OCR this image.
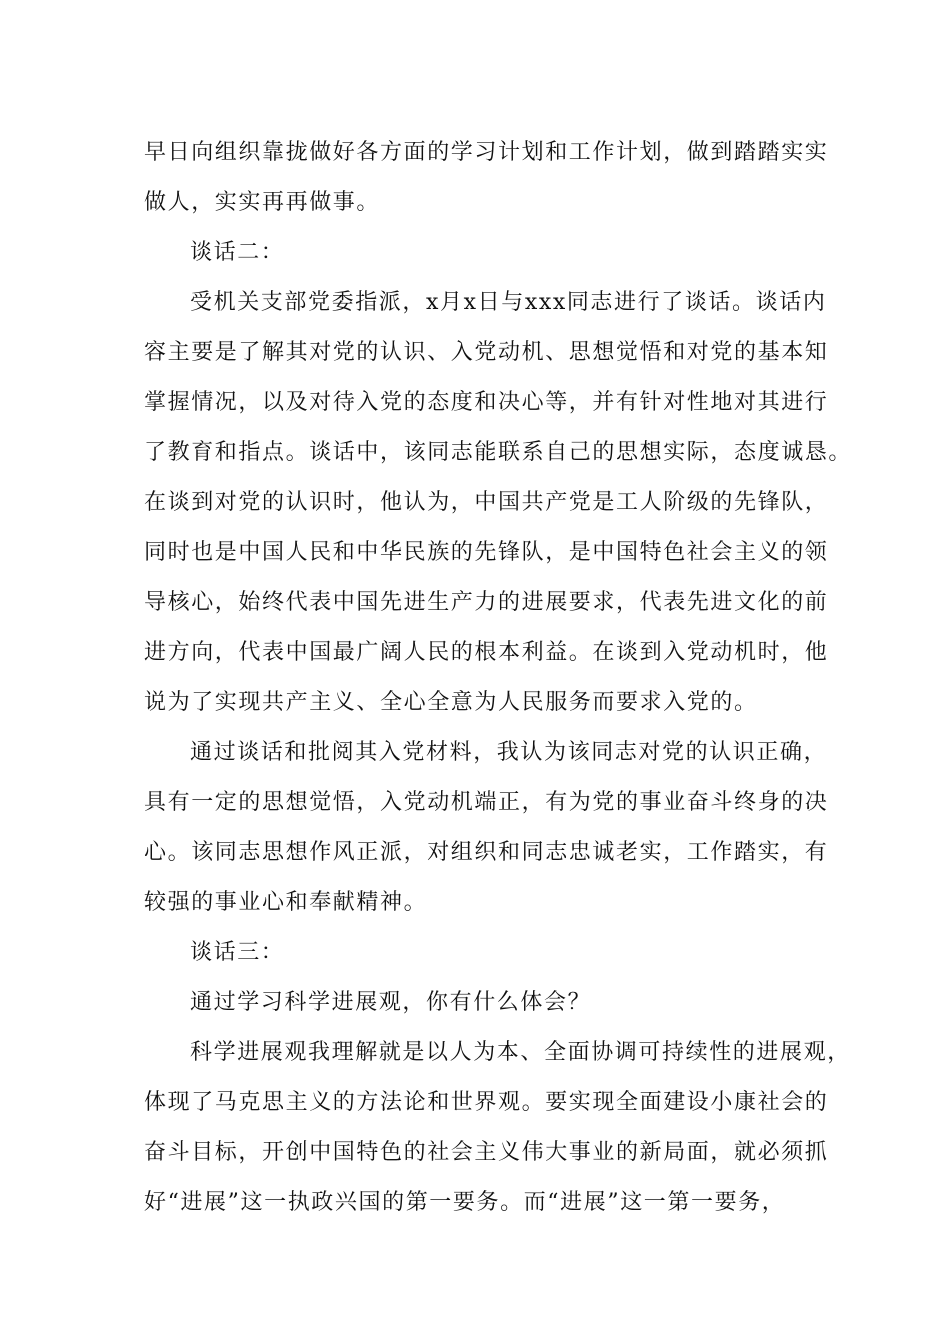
早日向组织靠拢做好各方面的学习计划和工作计划，做到踏踏实实
做人，实实再再做事。
谈话二：
受机关支部党委指派，x月x日与xxx同志进行了谈话。谈话内
容主要是了解其对党的认识、入党动机、思想觉悟和对党的基本知
掌握情况，以及对待入党的态度和决心等，并有针对性地对其进行
了教育和指点。谈话中，该同志能联系自己的思想实际，态度诚恳。
在谈到对党的认识时，他认为，中国共产党是工人阶级的先锋队，
同时也是中国人民和中华民族的先锋队，是中国特色社会主义的领
导核心，始终代表中国先进生产力的进展要求，代表先进文化的前
进方向，代表中国最广阔人民的根本利益。在谈到入党动机时，他
说为了实现共产主义、全心全意为人民服务而要求入党的。
通过谈话和批阅其入党材料，我认为该同志对党的认识正确，
具有一定的思想觉悟，入党动机端正，有为党的事业奋斗终身的决
心。该同志思想作风正派，对组织和同志忠诚老实，工作踏实，有
较强的事业心和奉献精神。
谈话三：
通过学习科学进展观，你有什么体会？
科学进展观我理解就是以人为本、全面协调可持续性的进展观，
体现了马克思主义的方法论和世界观。要实现全面建设小康社会的
奋斗目标，开创中国特色的社会主义伟大事业的新局面，就必须抓
好“进展”这一执政兴国的第一要务。而“进展”这一第一要务，
